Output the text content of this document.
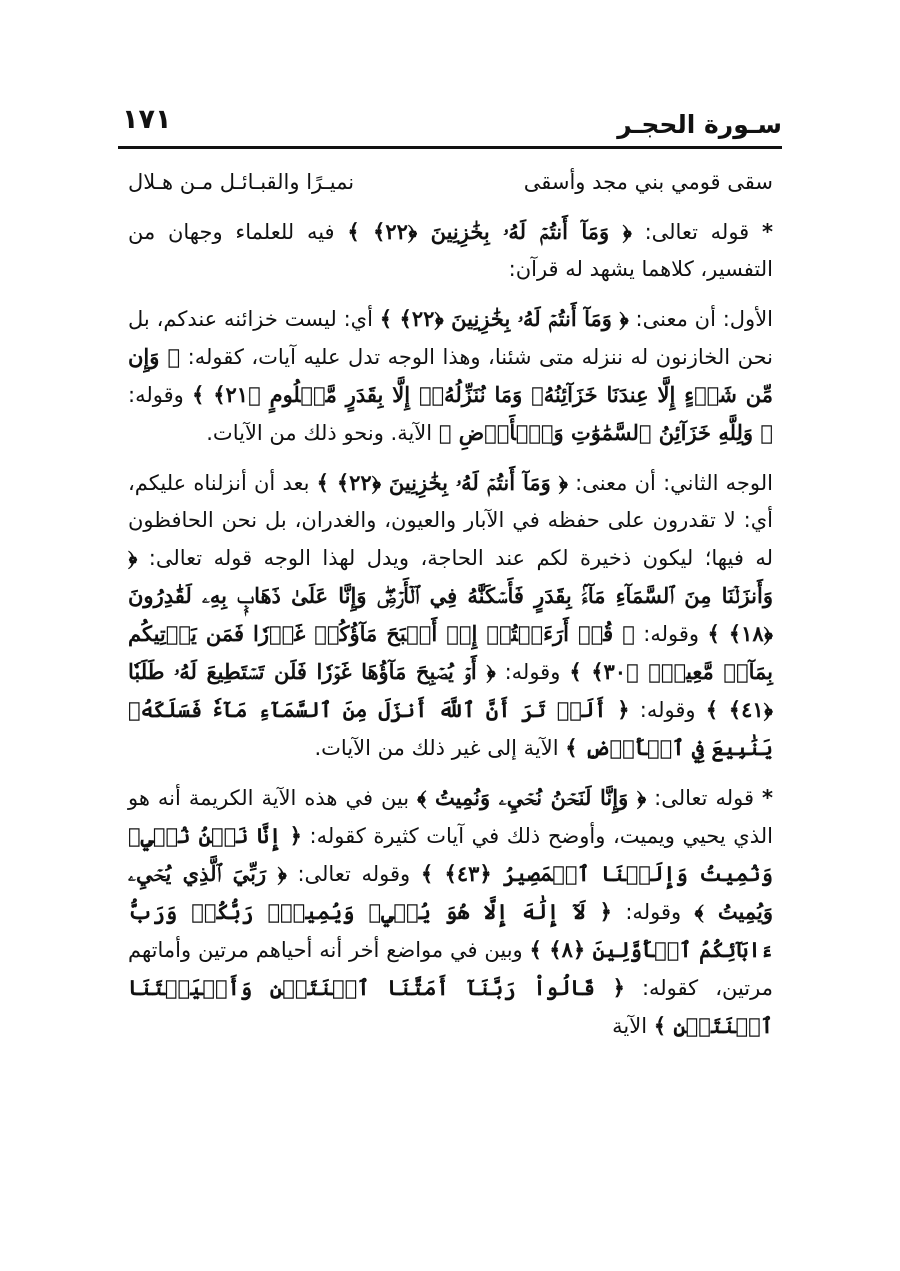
سـورة الحجـر
١٧١
سقى قومي بني مجد وأسقى
نميـرًا والقبـائـل مـن هـلال

* قوله تعالى: ﴿ وَمَآ أَنتُمۡ لَهُۥ بِخَٰزِنِينَ ﴿٢٢﴾ ﴾ فيه للعلماء وجهان من التفسير، كلاهما يشهد له قرآن:

الأول: أن معنى: ﴿ وَمَآ أَنتُمۡ لَهُۥ بِخَٰزِنِينَ ﴿٢٢﴾ ﴾ أي: ليست خزائنه عندكم، بل نحن الخازنون له ننزله متى شئنا، وهذا الوجه تدل عليه آيات، كقوله: ﴿ وَإِن مِّن شَيۡءٍ إِلَّا عِندَنَا خَزَآئِنُهُۥ وَمَا نُنَزِّلُهُۥٓ إِلَّا بِقَدَرٍ مَّعۡلُومٍ ﴿٢١﴾ ﴾ وقوله: ﴿ وَلِلَّهِ خَزَآئِنُ ٱلسَّمَٰوَٰتِ وَٱلۡأَرۡضِ ﴾ الآية. ونحو ذلك من الآيات.

الوجه الثاني: أن معنى: ﴿ وَمَآ أَنتُمۡ لَهُۥ بِخَٰزِنِينَ ﴿٢٢﴾ ﴾ بعد أن أنزلناه عليكم، أي: لا تقدرون على حفظه في الآبار والعيون، والغدران، بل نحن الحافظون له فيها؛ ليكون ذخيرة لكم عند الحاجة، ويدل لهذا الوجه قوله تعالى: ﴿ وَأَنزَلۡنَا مِنَ ٱلسَّمَآءِ مَآءَۢ بِقَدَرٍ فَأَسۡكَنَّٰهُ فِي ٱلۡأَرۡضِۖ وَإِنَّا عَلَىٰ ذَهَابِۭ بِهِۦ لَقَٰدِرُونَ ﴿١٨﴾ ﴾ وقوله: ﴿ قُلۡ أَرَءَيۡتُمۡ إِنۡ أَصۡبَحَ مَآؤُكُمۡ غَوۡرٗا فَمَن يَأۡتِيكُم بِمَآءٖ مَّعِينِۭ ﴿٣٠﴾ ﴾ وقوله: ﴿ أَوۡ يُصۡبِحَ مَآؤُهَا غَوۡرٗا فَلَن تَسۡتَطِيعَ لَهُۥ طَلَبٗا ﴿٤١﴾ ﴾ وقوله: ﴿ أَلَمۡ تَرَ أَنَّ ٱللَّهَ أَنزَلَ مِنَ ٱلسَّمَآءِ مَآءٗ فَسَلَكَهُۥ يَنَٰبِيعَ فِي ٱلۡأَرۡضِ ﴾ الآية إلى غير ذلك من الآيات.

* قوله تعالى: ﴿ وَإِنَّا لَنَحۡنُ نُحۡيِۦ وَنُمِيتُ ﴾ بين في هذه الآية الكريمة أنه هو الذي يحيي ويميت، وأوضح ذلك في آيات كثيرة كقوله: ﴿ إِنَّا نَحۡنُ نُحۡيِۦ وَنُمِيتُ وَإِلَيۡنَا ٱلۡمَصِيرُ ﴿٤٣﴾ ﴾ وقوله تعالى: ﴿ رَبِّيَ ٱلَّذِي يُحۡيِۦ وَيُمِيتُ ﴾ وقوله: ﴿ لَآ إِلَٰهَ إِلَّا هُوَ يُحۡيِۦ وَيُمِيتُۖ رَبُّكُمۡ وَرَبُّ ءَابَآئِكُمُ ٱلۡأَوَّلِينَ ﴿٨﴾ ﴾ وبين في مواضع أخر أنه أحياهم مرتين وأماتهم مرتين، كقوله: ﴿ قَالُواْ رَبَّنَآ أَمَتَّنَا ٱثۡنَتَيۡنِ وَأَحۡيَيۡتَنَا ٱثۡنَتَيۡنِ ﴾ الآية
